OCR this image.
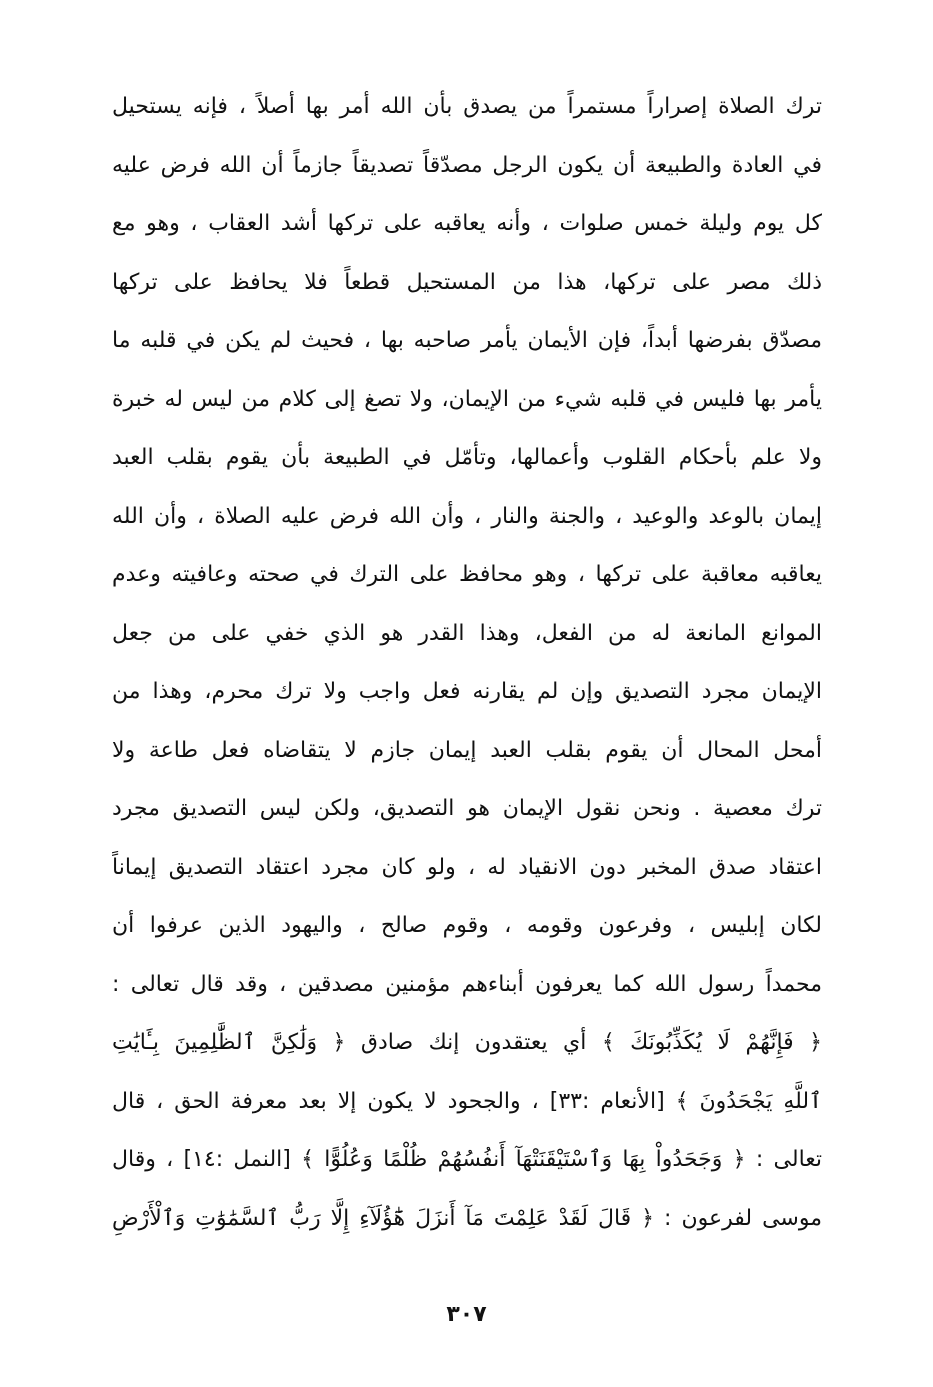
ترك الصلاة إصراراً مستمراً من يصدق بأن الله أمر بها أصلاً ، فإنه يستحيل
في العادة والطبيعة أن يكون الرجل مصدّقاً تصديقاً جازماً أن الله فرض عليه
كل يوم وليلة خمس صلوات ، وأنه يعاقبه على تركها أشد العقاب ، وهو مع
ذلك مصر على تركها، هذا من المستحيل قطعاً فلا يحافظ على تركها
مصدّق بفرضها أبداً، فإن الأيمان يأمر صاحبه بها ، فحيث لم يكن في قلبه ما
يأمر بها فليس في قلبه شيء من الإيمان، ولا تصغ إلى كلام من ليس له خبرة
ولا علم بأحكام القلوب وأعمالها، وتأمّل في الطبيعة بأن يقوم بقلب العبد
إيمان بالوعد والوعيد ، والجنة والنار ، وأن الله فرض عليه الصلاة ، وأن الله
يعاقبه معاقبة على تركها ، وهو محافظ على الترك في صحته وعافيته وعدم
الموانع المانعة له من الفعل، وهذا القدر هو الذي خفي على من جعل
الإيمان مجرد التصديق وإن لم يقارنه فعل واجب ولا ترك محرم، وهذا من
أمحل المحال أن يقوم بقلب العبد إيمان جازم لا يتقاضاه فعل طاعة ولا
ترك معصية . ونحن نقول الإيمان هو التصديق، ولكن ليس التصديق مجرد
اعتقاد صدق المخبر دون الانقياد له ، ولو كان مجرد اعتقاد التصديق إيماناً
لكان إبليس ، وفرعون وقومه ، وقوم صالح ، واليهود الذين عرفوا أن
محمداً رسول الله كما يعرفون أبناءهم مؤمنين مصدقين ، وقد قال تعالى :
﴿ فَإِنَّهُمْ لَا يُكَذِّبُونَكَ ﴾ أي يعتقدون إنك صادق ﴿ وَلَٰكِنَّ ٱلظَّٰلِمِينَ بِـَٔايَٰتِ
ٱللَّهِ يَجْحَدُونَ ﴾ [الأنعام :٣٣] ، والجحود لا يكون إلا بعد معرفة الحق ، قال
تعالى : ﴿ وَجَحَدُواْ بِهَا وَٱسْتَيْقَنَتْهَآ أَنفُسُهُمْ ظُلْمًا وَعُلُوًّا ﴾ [النمل :١٤] ، وقال
موسى لفرعون : ﴿ قَالَ لَقَدْ عَلِمْتَ مَآ أَنزَلَ هَٰٓؤُلَآءِ إِلَّا رَبُّ ٱلسَّمَٰوَٰتِ وَٱلْأَرْضِ
٣٠٧
